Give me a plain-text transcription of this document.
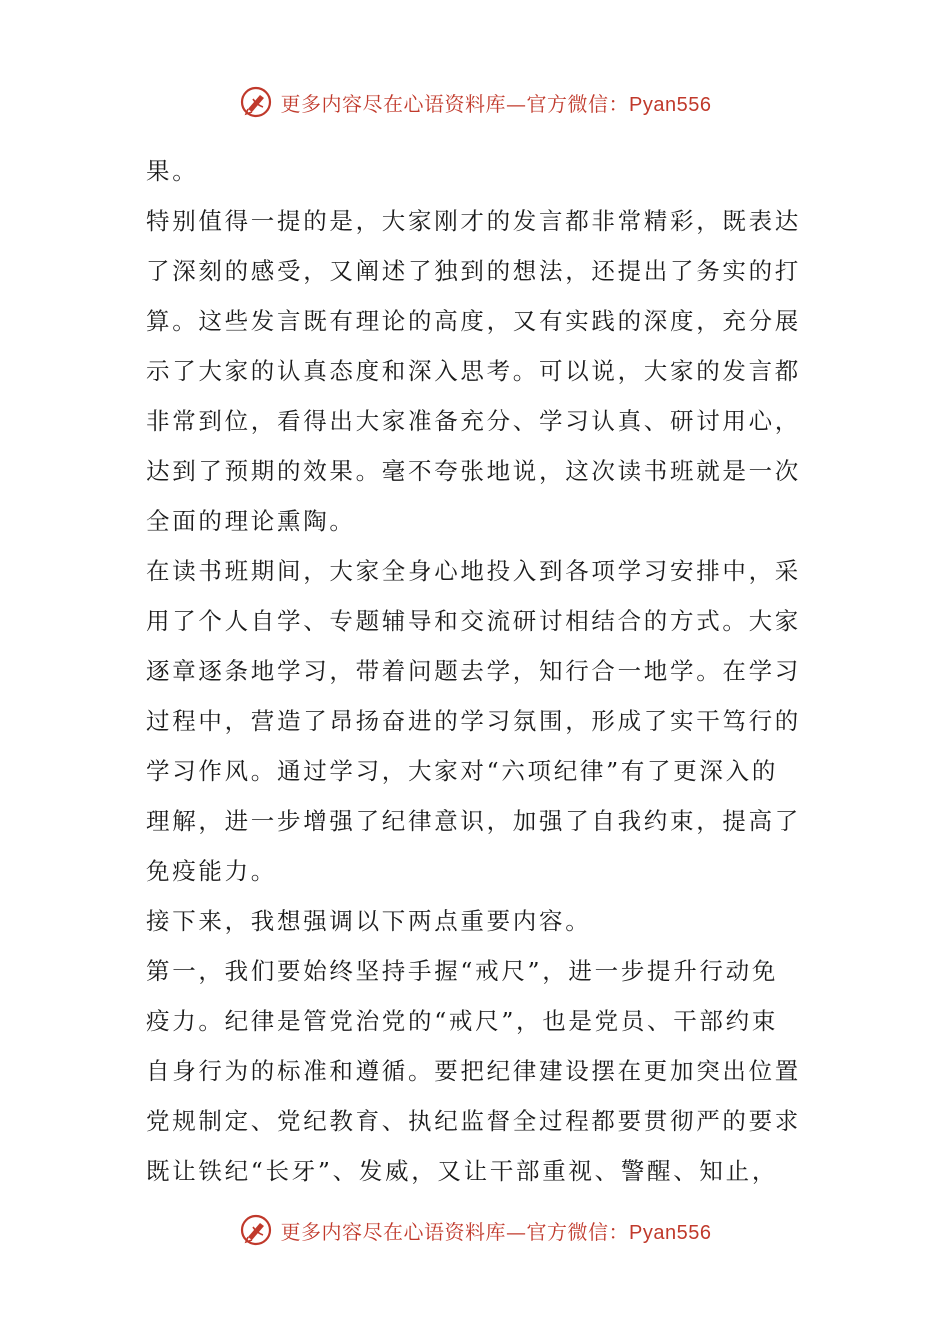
更多内容尽在心语资料库—官方微信：Pyan556
果。
特别值得一提的是，大家刚才的发言都非常精彩，既表达
了深刻的感受，又阐述了独到的想法，还提出了务实的打
算。这些发言既有理论的高度，又有实践的深度，充分展
示了大家的认真态度和深入思考。可以说，大家的发言都
非常到位，看得出大家准备充分、学习认真、研讨用心，
达到了预期的效果。毫不夸张地说，这次读书班就是一次
全面的理论熏陶。
在读书班期间，大家全身心地投入到各项学习安排中，采
用了个人自学、专题辅导和交流研讨相结合的方式。大家
逐章逐条地学习，带着问题去学，知行合一地学。在学习
过程中，营造了昂扬奋进的学习氛围，形成了实干笃行的
学习作风。通过学习，大家对“六项纪律”有了更深入的
理解，进一步增强了纪律意识，加强了自我约束，提高了
免疫能力。
接下来，我想强调以下两点重要内容。
第一，我们要始终坚持手握“戒尺”，进一步提升行动免
疫力。纪律是管党治党的“戒尺”，也是党员、干部约束
自身行为的标准和遵循。要把纪律建设摆在更加突出位置
党规制定、党纪教育、执纪监督全过程都要贯彻严的要求
既让铁纪“长牙”、发威，又让干部重视、警醒、知止，
更多内容尽在心语资料库—官方微信：Pyan556
